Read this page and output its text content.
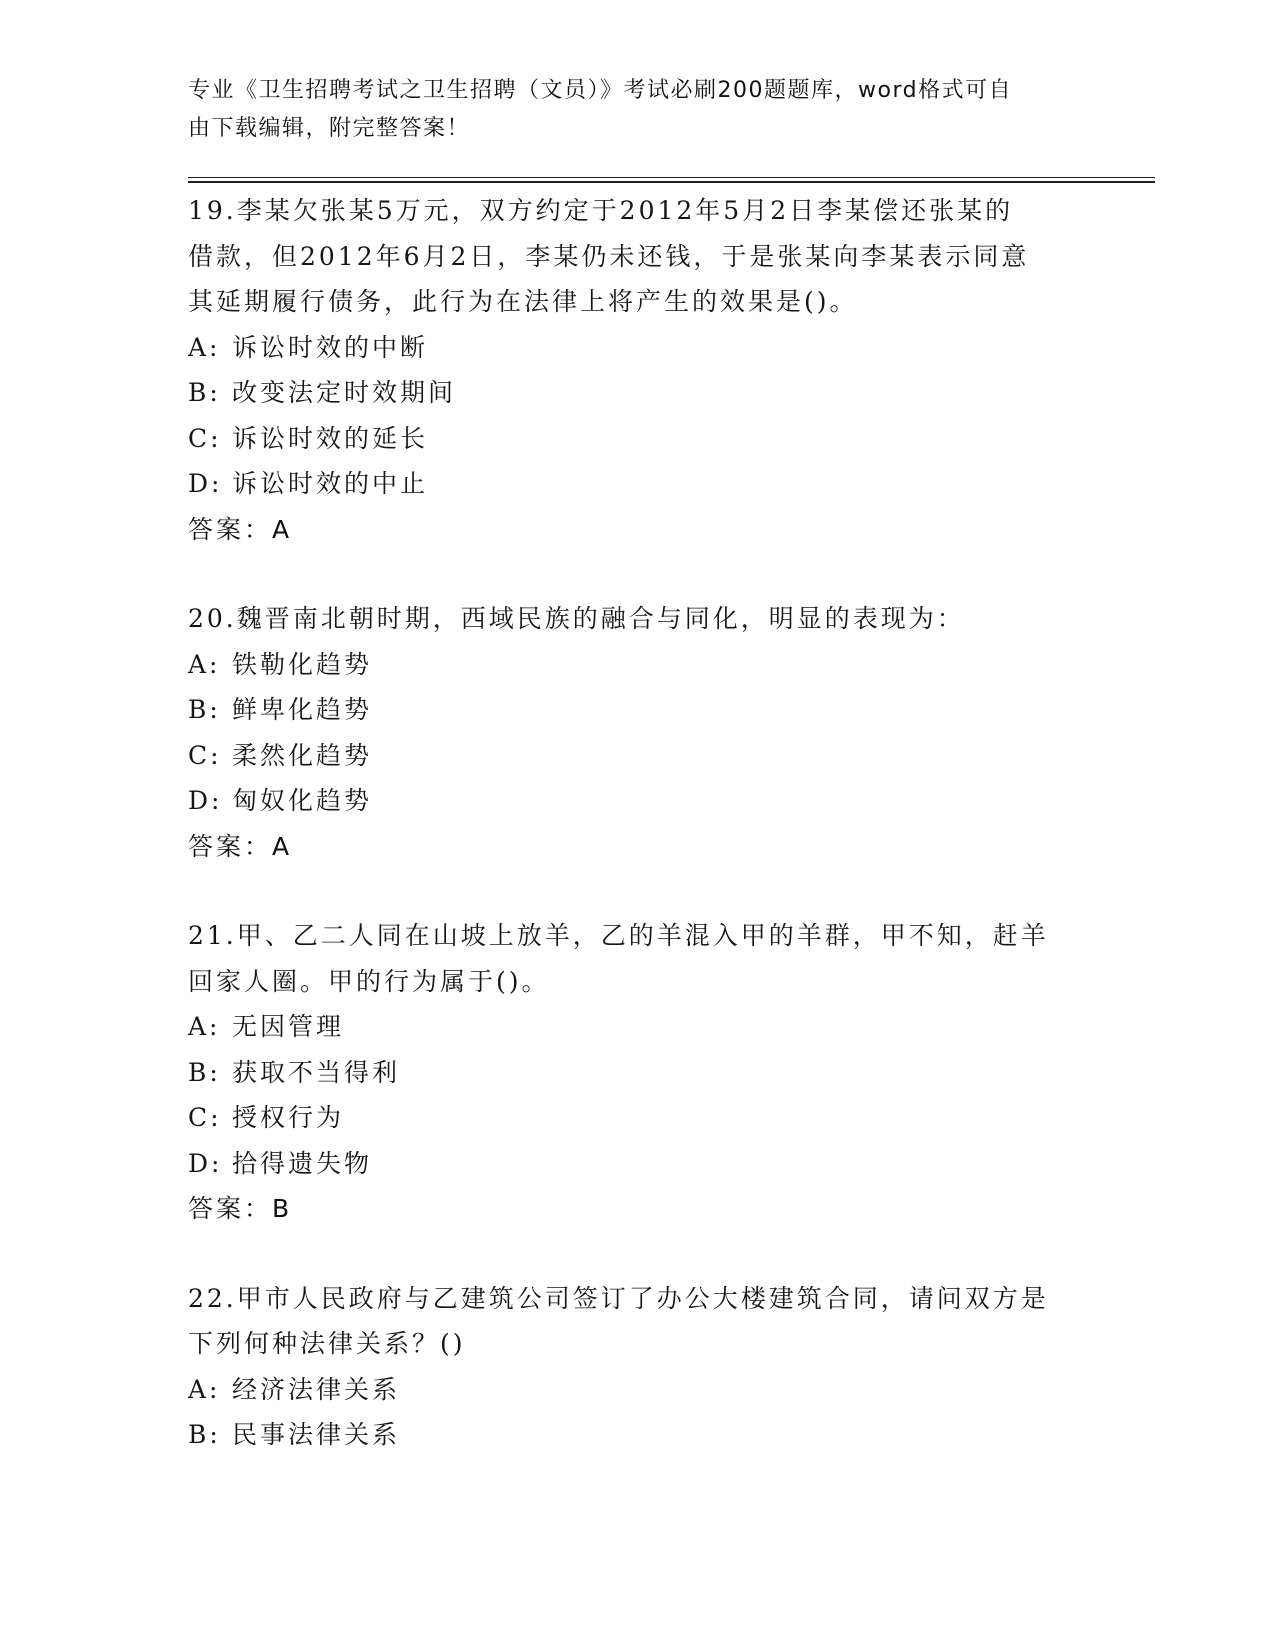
专业《卫生招聘考试之卫生招聘（文员）》考试必刷200题题库，word格式可自
由下载编辑，附完整答案！

19.李某欠张某5万元，双方约定于2012年5月2日李某偿还张某的

借款，但2012年6月2日，李某仍未还钱，于是张某向李某表示同意

其延期履行债务，此行为在法律上将产生的效果是()。

A: 诉讼时效的中断

B: 改变法定时效期间

C: 诉讼时效的延长

D: 诉讼时效的中止

答案：A

20.魏晋南北朝时期，西域民族的融合与同化，明显的表现为：

A: 铁勒化趋势

B: 鲜卑化趋势

C: 柔然化趋势

D: 匈奴化趋势

答案：A

21.甲、乙二人同在山坡上放羊，乙的羊混入甲的羊群，甲不知，赶羊

回家人圈。甲的行为属于()。

A: 无因管理

B: 获取不当得利

C: 授权行为

D: 拾得遗失物

答案：B

22.甲市人民政府与乙建筑公司签订了办公大楼建筑合同，请问双方是

下列何种法律关系？()

A: 经济法律关系

B: 民事法律关系
